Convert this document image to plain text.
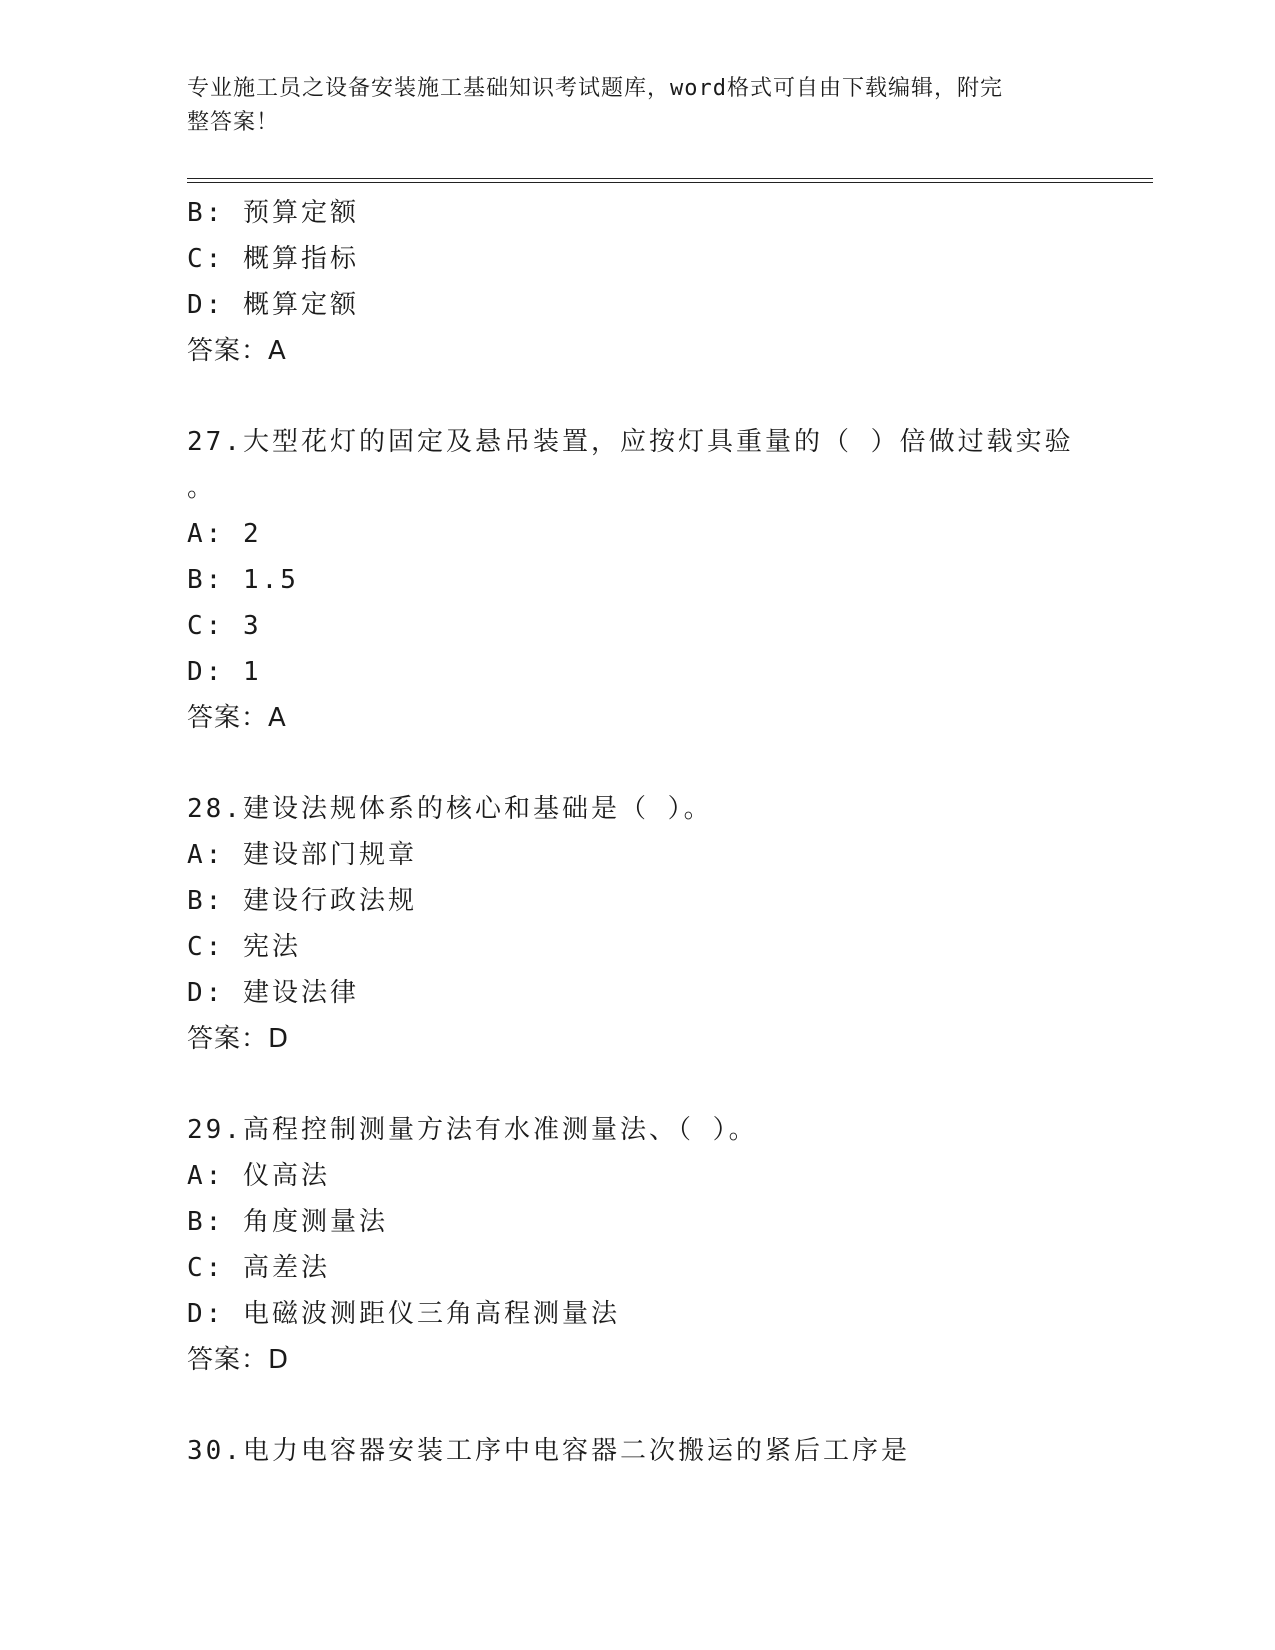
专业施工员之设备安装施工基础知识考试题库，word格式可自由下载编辑，附完
整答案！
B: 预算定额
C: 概算指标
D: 概算定额
答案：A
27.大型花灯的固定及悬吊装置，应按灯具重量的（ ）倍做过载实验
。
A: 2
B: 1.5
C: 3
D: 1
答案：A
28.建设法规体系的核心和基础是（ ）。
A: 建设部门规章
B: 建设行政法规
C: 宪法
D: 建设法律
答案：D
29.高程控制测量方法有水准测量法、（ ）。
A: 仪高法
B: 角度测量法
C: 高差法
D: 电磁波测距仪三角高程测量法
答案：D
30.电力电容器安装工序中电容器二次搬运的紧后工序是
